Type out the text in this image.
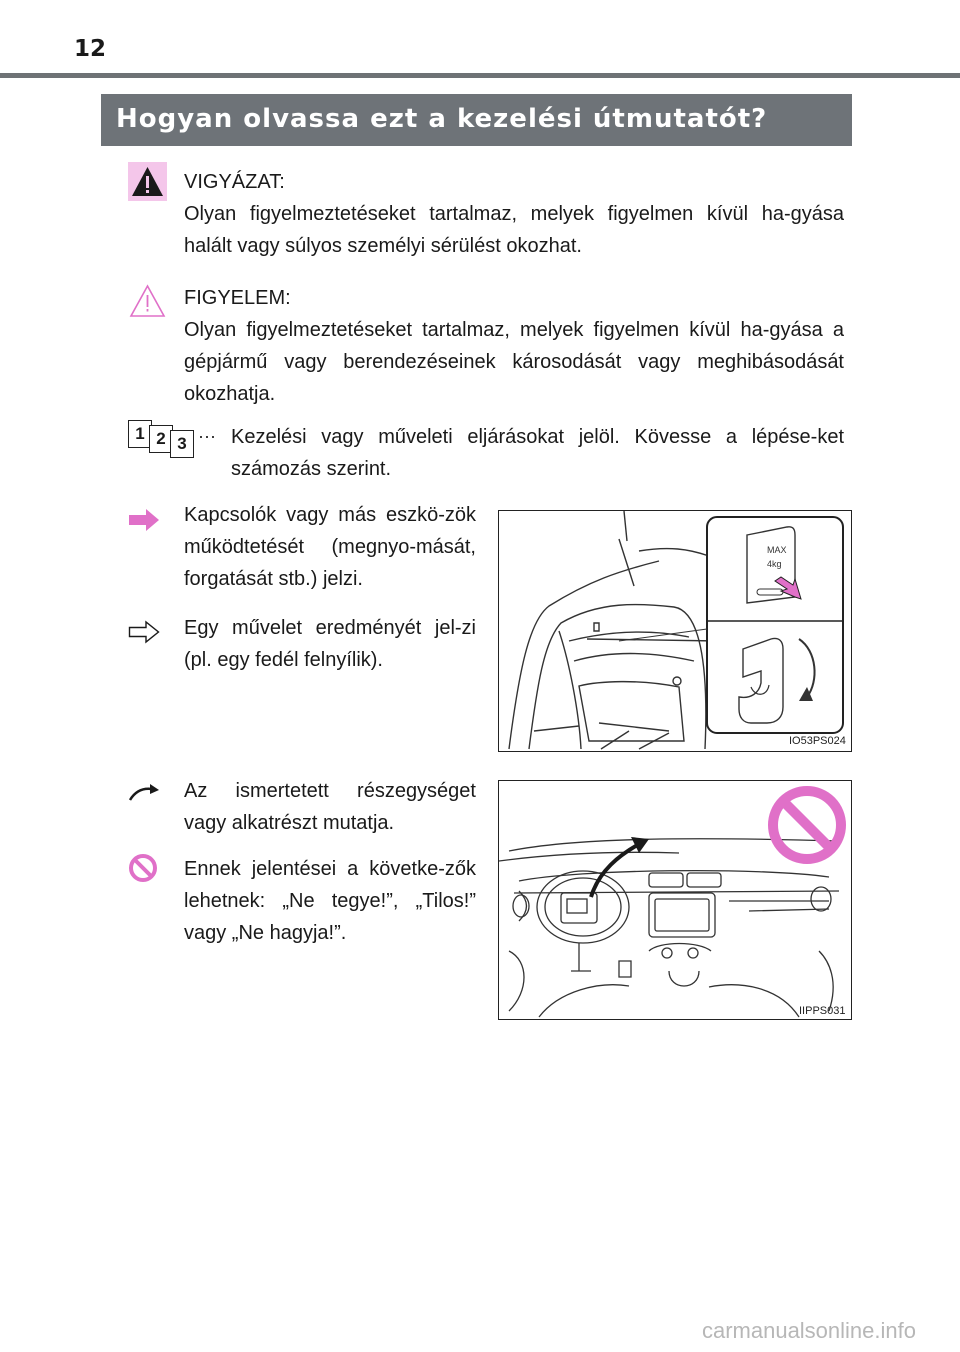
12
Hogyan olvassa ezt a kezelési útmutatót?

VIGYÁZAT:

Olyan figyelmeztetéseket tartalmaz, melyek figyelmen kívül ha-gyása halált vagy súlyos személyi sérülést okozhat.

FIGYELEM:

Olyan figyelmeztetéseket tartalmaz, melyek figyelmen kívül ha-gyása a gépjármű vagy berendezéseinek károsodását vagy meghibásodását okozhatja.

1 2 3 ··· Kezelési vagy műveleti eljárásokat jelöl. Kövesse a lépése-ket számozás szerint.
Kapcsolók vagy más eszkö-zök működtetését (megnyo-mását, forgatását stb.) jelzi.
Egy művelet eredményét jel-zi (pl. egy fedél felnyílik).
MAX
4kg
IO53PS024
Az ismertetett részegységet vagy alkatrészt mutatja.
Ennek jelentései a követke-zők lehetnek: „Ne tegye!”, „Tilos!” vagy „Ne hagyja!”.
IIPPS031
carmanualsonline.info
